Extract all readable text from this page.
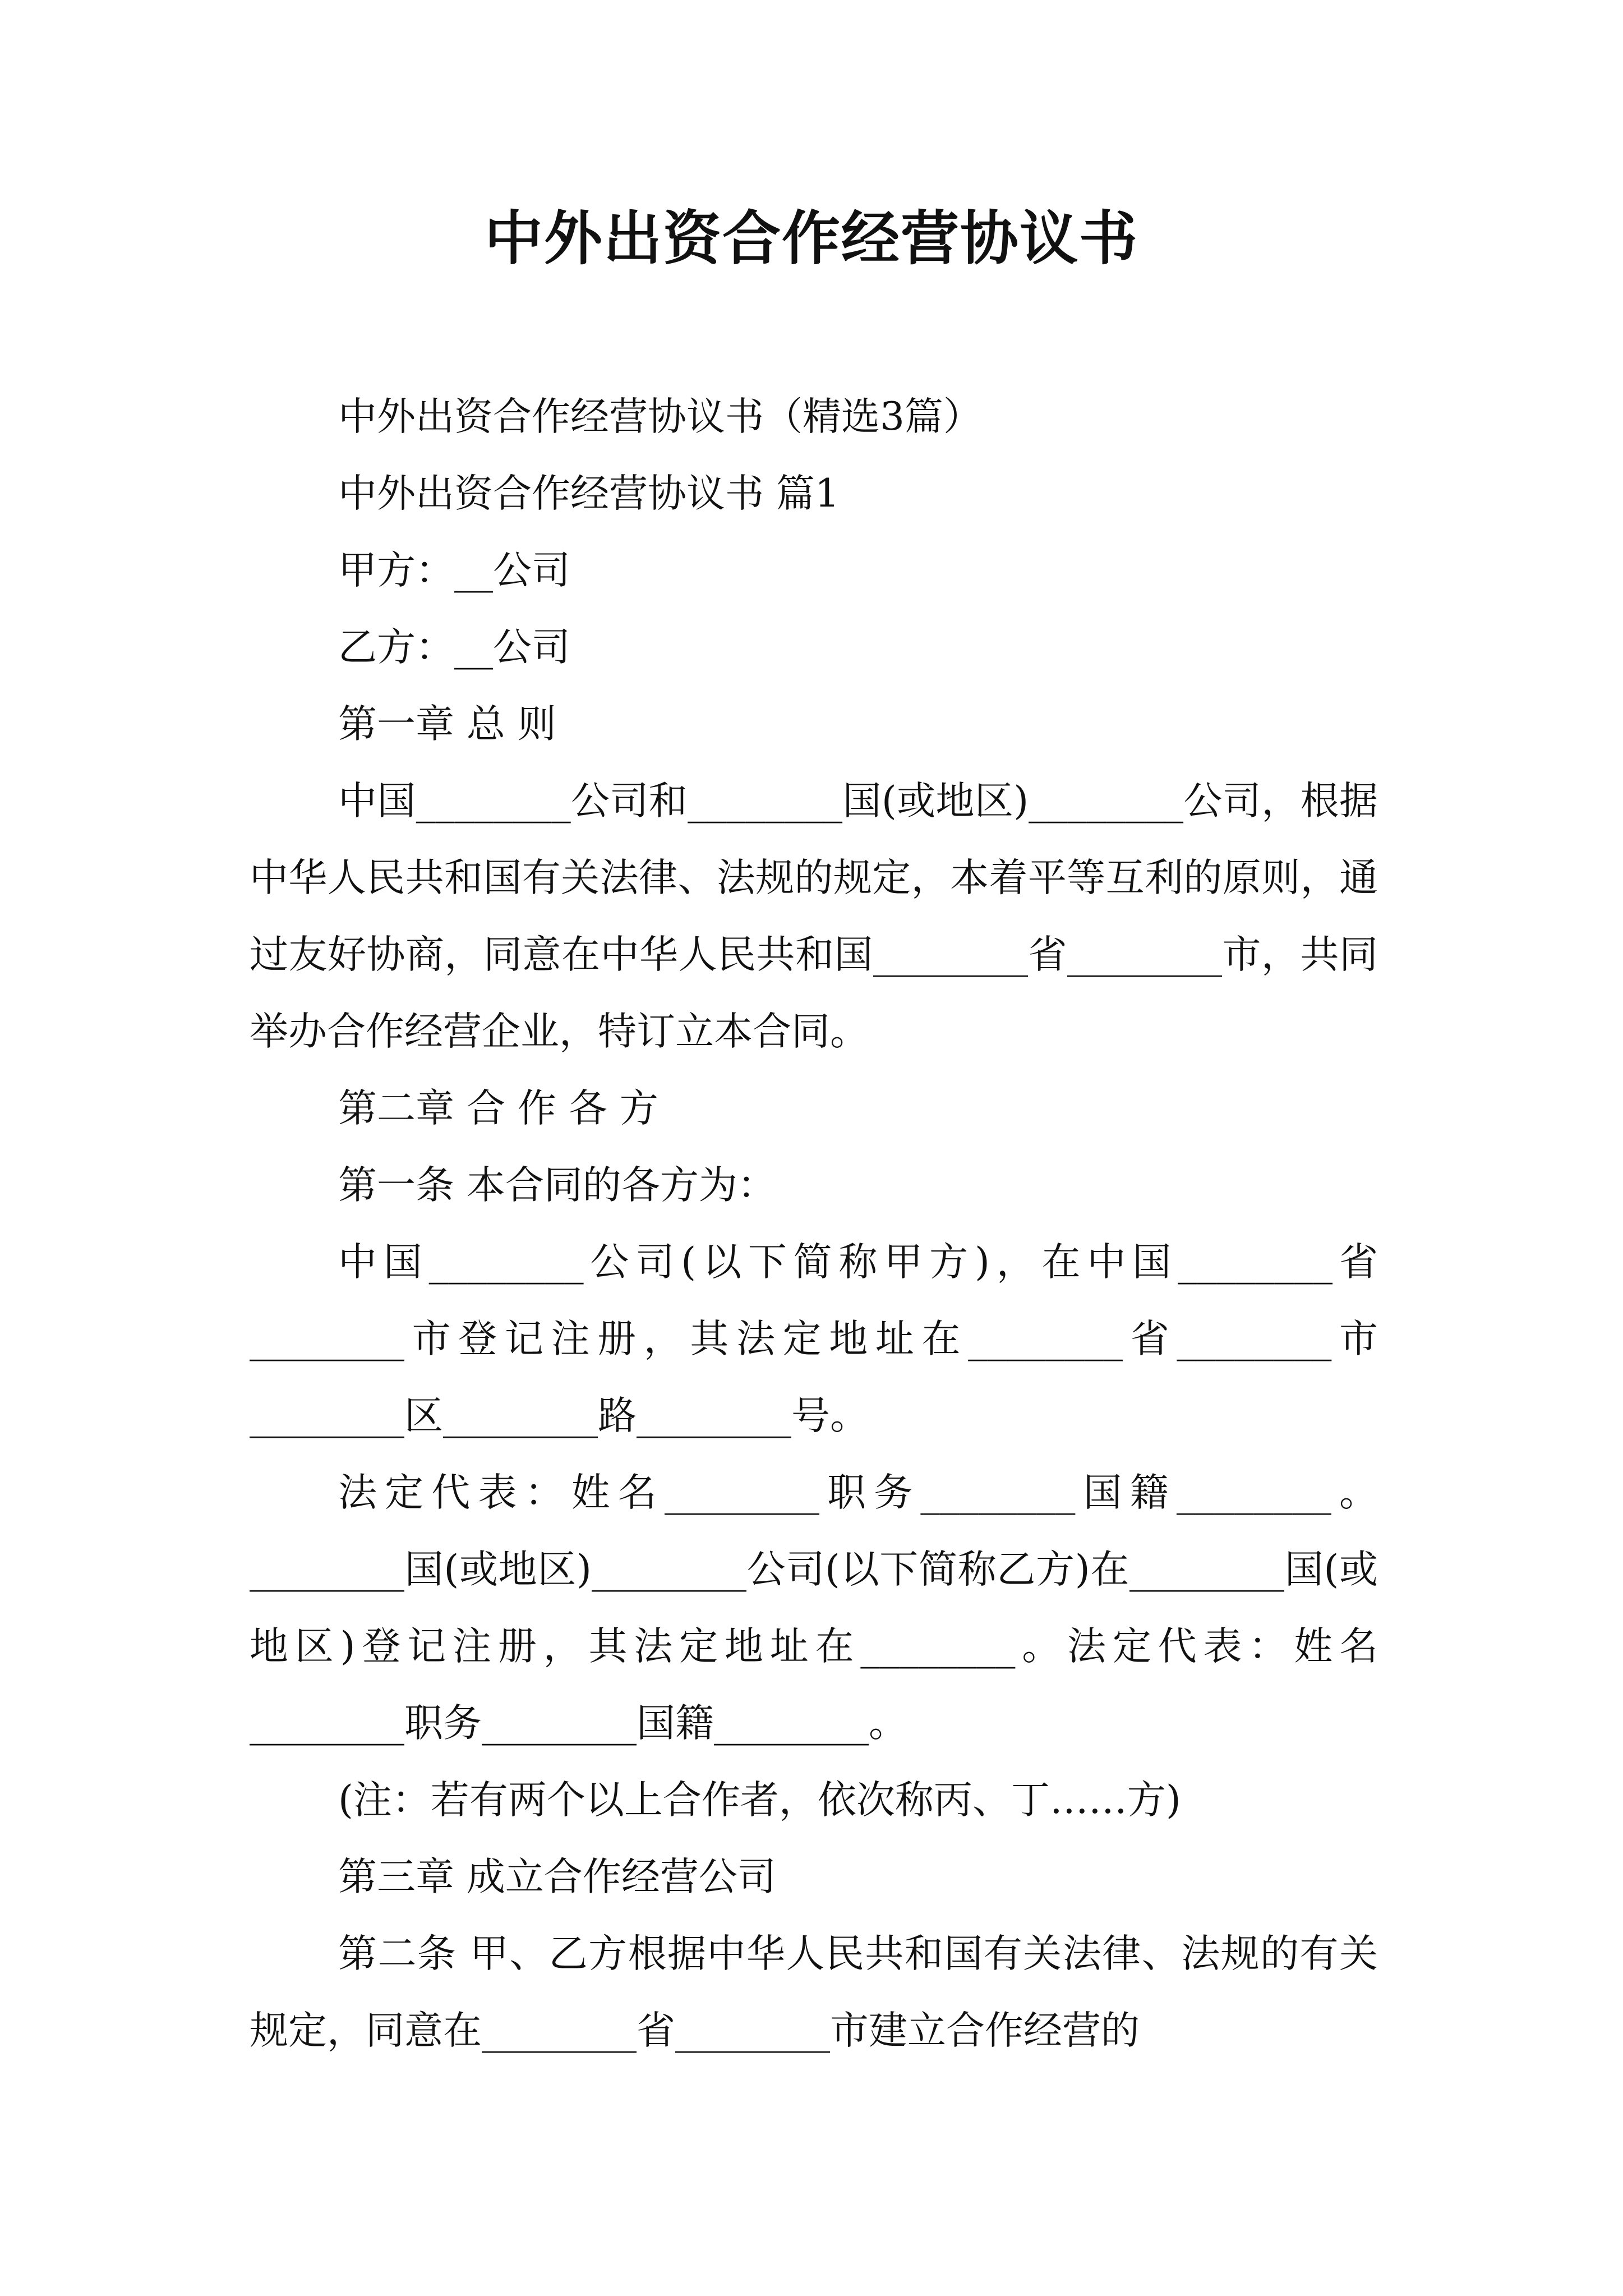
中外出资合作经营协议书

中外出资合作经营协议书（精选3篇）

中外出资合作经营协议书 篇1

甲方：__公司

乙方：__公司

第一章 总 则

中国________公司和________国(或地区)________公司，根据中华人民共和国有关法律、法规的规定，本着平等互利的原则，通过友好协商，同意在中华人民共和国________省________市，共同举办合作经营企业，特订立本合同。

第二章 合 作 各 方

第一条 本合同的各方为：

中国________公司(以下简称甲方)，在中国________省________市登记注册，其法定地址在________省________市________区________路________号。

法定代表：姓名________职务________国籍________。________国(或地区)________公司(以下简称乙方)在________国(或地区)登记注册，其法定地址在________。法定代表：姓名________职务________国籍________。

(注：若有两个以上合作者，依次称丙、丁……方)

第三章 成立合作经营公司

第二条 甲、乙方根据中华人民共和国有关法律、法规的有关规定，同意在________省________市建立合作经营的
